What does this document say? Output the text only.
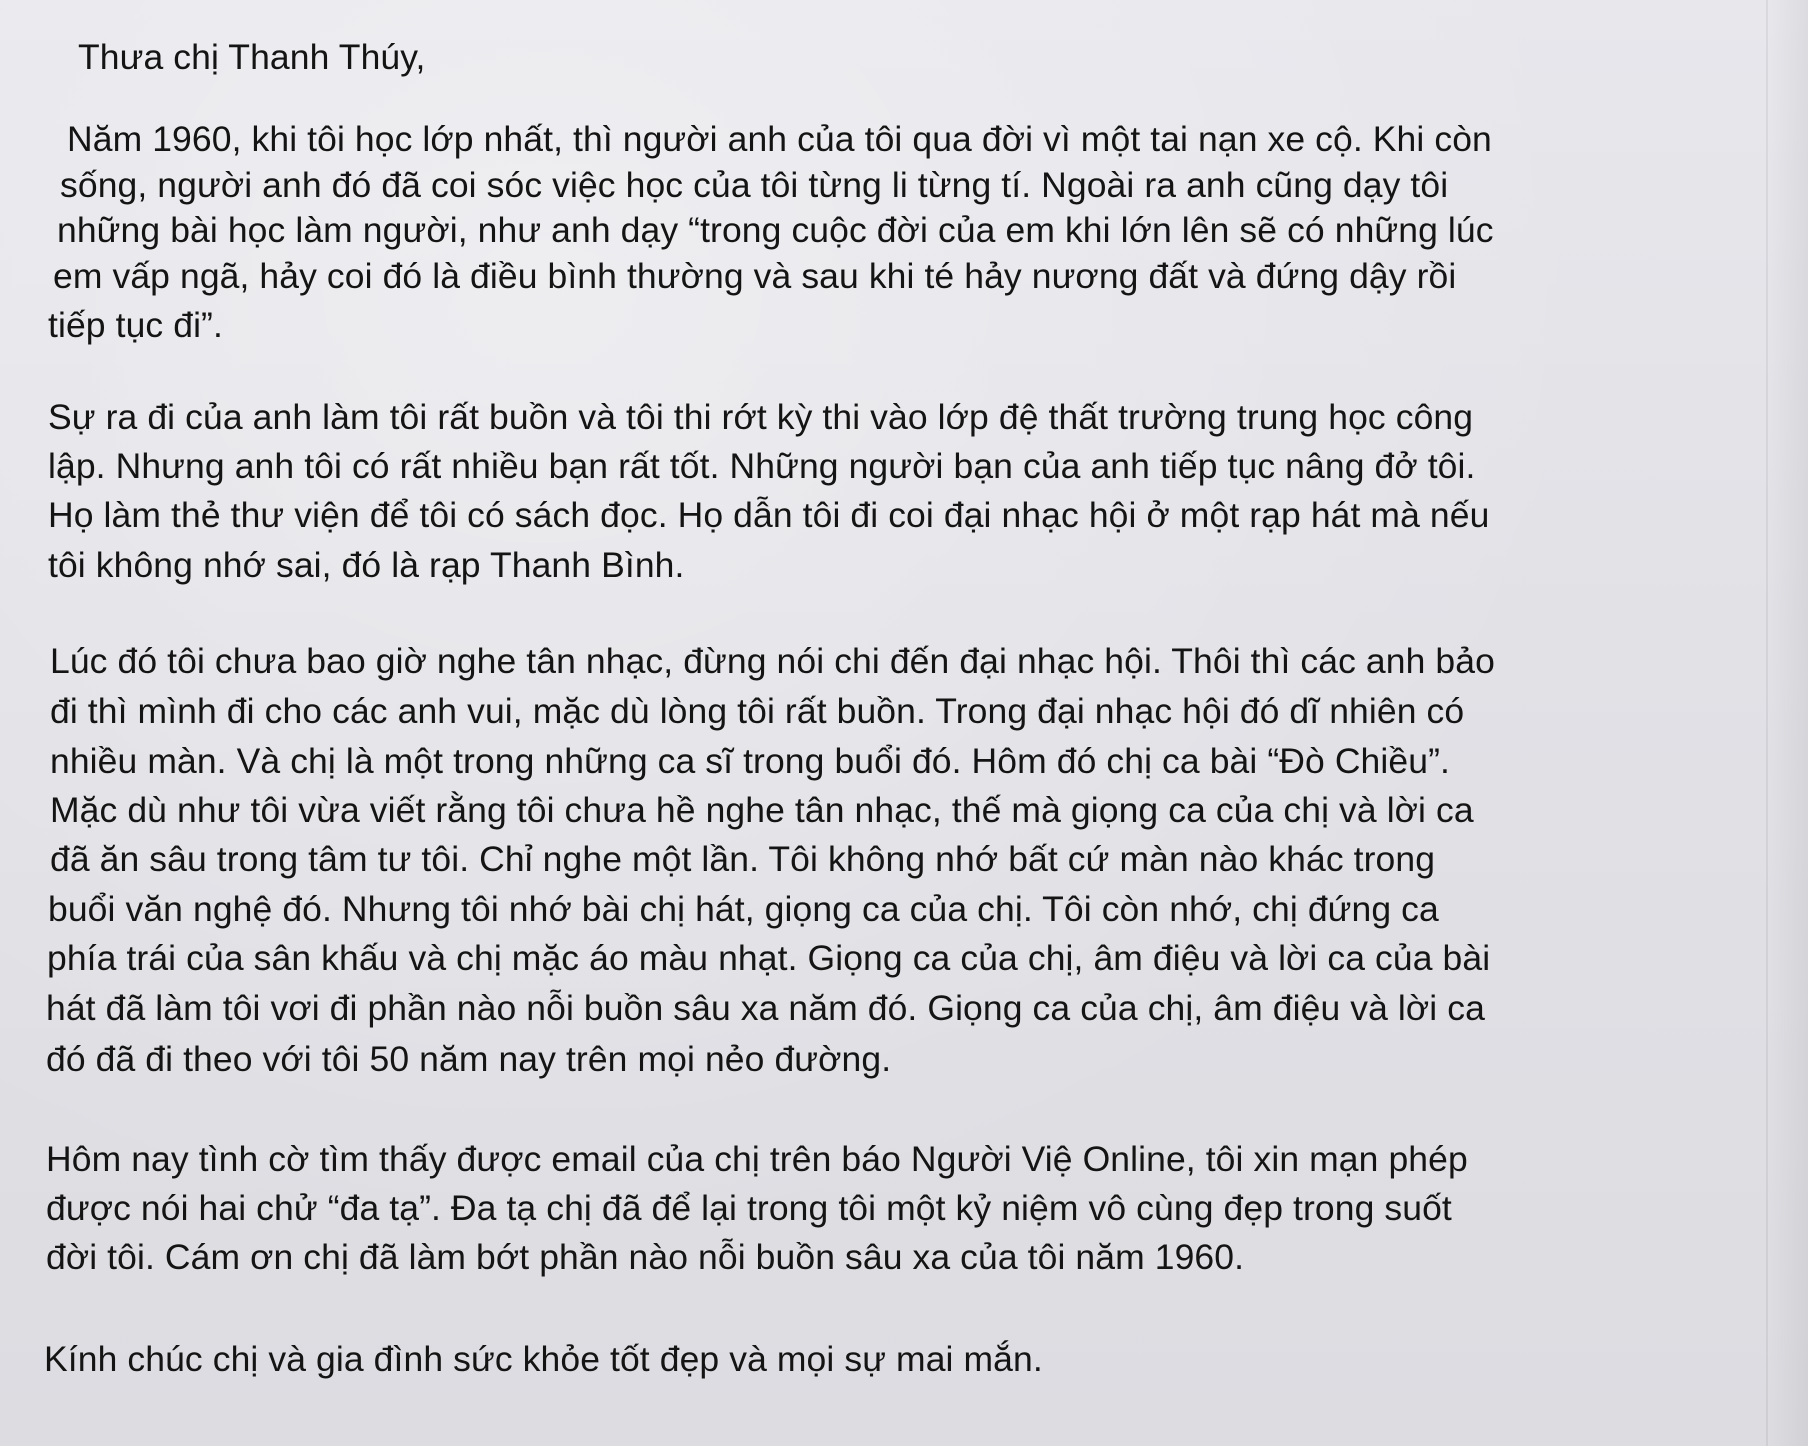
Thưa chị Thanh Thúy,
Năm 1960, khi tôi học lớp nhất, thì người anh của tôi qua đời vì một tai nạn xe cộ. Khi còn
sống, người anh đó đã coi sóc việc học của tôi từng li từng tí. Ngoài ra anh cũng dạy tôi
những bài học làm người, như anh dạy “trong cuộc đời của em khi lớn lên sẽ có những lúc
em vấp ngã, hảy coi đó là điều bình thường và sau khi té hảy nương đất và đứng dậy rồi
tiếp tục đi”.
Sự ra đi của anh làm tôi rất buồn và tôi thi rớt kỳ thi vào lớp đệ thất trường trung học công
lập. Nhưng anh tôi có rất nhiều bạn rất tốt. Những người bạn của anh tiếp tục nâng đở tôi.
Họ làm thẻ thư viện để tôi có sách đọc. Họ dẫn tôi đi coi đại nhạc hội ở một rạp hát mà nếu
tôi không nhớ sai, đó là rạp Thanh Bình.
Lúc đó tôi chưa bao giờ nghe tân nhạc, đừng nói chi đến đại nhạc hội. Thôi thì các anh bảo
đi thì mình đi cho các anh vui, mặc dù lòng tôi rất buồn. Trong đại nhạc hội đó dĩ nhiên có
nhiều màn. Và chị là một trong những ca sĩ trong buổi đó. Hôm đó chị ca bài “Đò Chiều”.
Mặc dù như tôi vừa viết rằng tôi chưa hề nghe tân nhạc, thế mà giọng ca của chị và lời ca
đã ăn sâu trong tâm tư tôi. Chỉ nghe một lần. Tôi không nhớ bất cứ màn nào khác trong
buổi văn nghệ đó. Nhưng tôi nhớ bài chị hát, giọng ca của chị. Tôi còn nhớ, chị đứng ca
phía trái của sân khấu và chị mặc áo màu nhạt. Giọng ca của chị, âm điệu và lời ca của bài
hát đã làm tôi vơi đi phần nào nỗi buồn sâu xa năm đó. Giọng ca của chị, âm điệu và lời ca
đó đã đi theo với tôi 50 năm nay trên mọi nẻo đường.
Hôm nay tình cờ tìm thấy được email của chị trên báo Người Việ Online, tôi xin mạn phép
được nói hai chử “đa tạ”. Đa tạ chị đã để lại trong tôi một kỷ niệm vô cùng đẹp trong suốt
đời tôi. Cám ơn chị đã làm bớt phần nào nỗi buồn sâu xa của tôi năm 1960.
Kính chúc chị và gia đình sức khỏe tốt đẹp và mọi sự mai mắn.
